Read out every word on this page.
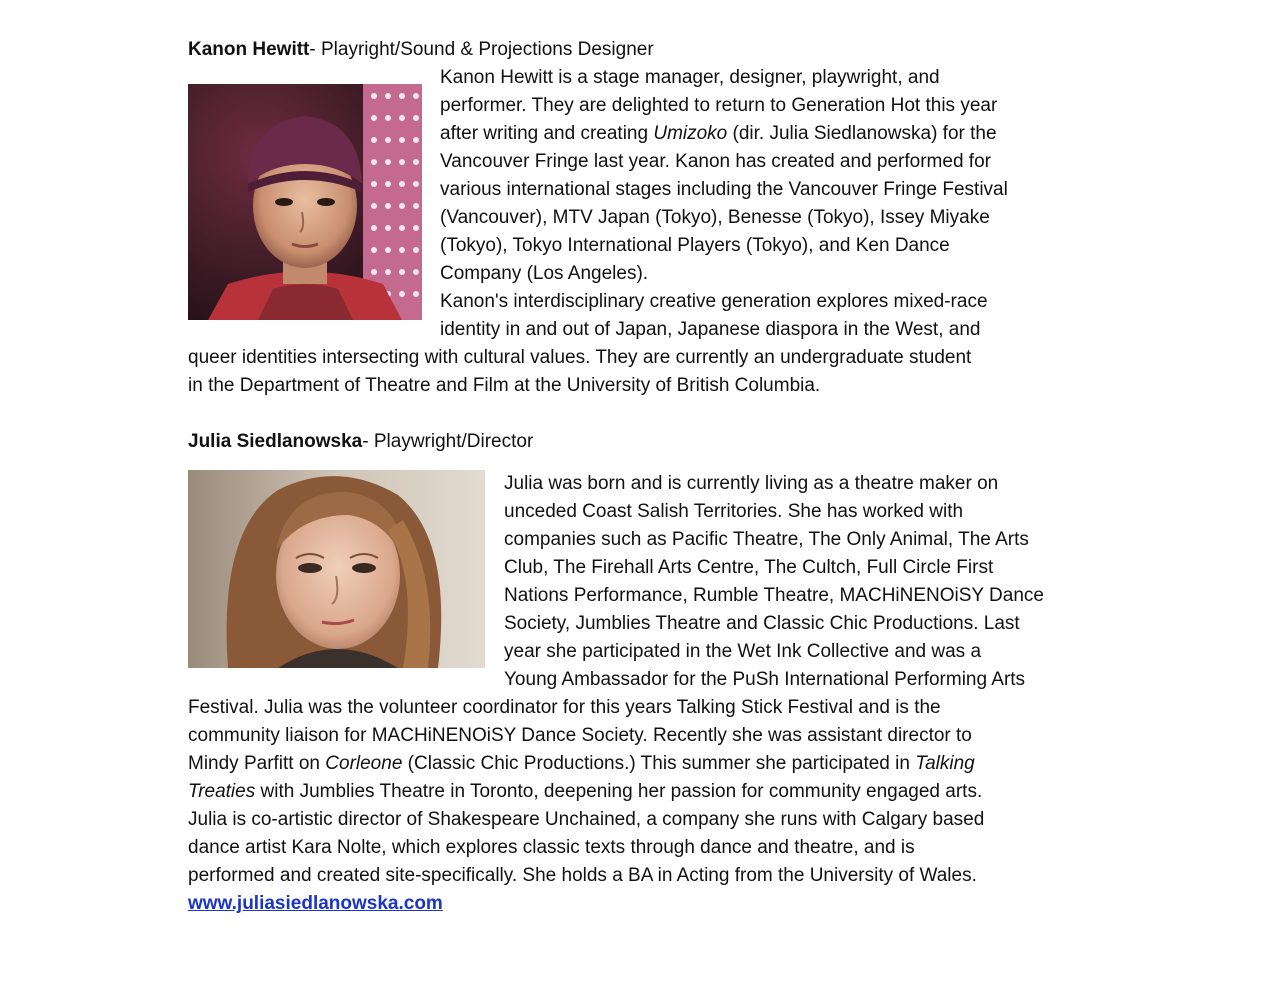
Kanon Hewitt- Playright/Sound & Projections Designer
Kanon Hewitt is a stage manager, designer, playwright, and
performer. They are delighted to return to Generation Hot this year
after writing and creating Umizoko (dir. Julia Siedlanowska) for the
Vancouver Fringe last year. Kanon has created and performed for
various international stages including the Vancouver Fringe Festival
(Vancouver), MTV Japan (Tokyo), Benesse (Tokyo), Issey Miyake
(Tokyo), Tokyo International Players (Tokyo), and Ken Dance
Company (Los Angeles).
Kanon's interdisciplinary creative generation explores mixed-race
identity in and out of Japan, Japanese diaspora in the West, and
queer identities intersecting with cultural values. They are currently an undergraduate student
in the Department of Theatre and Film at the University of British Columbia.
Julia Siedlanowska- Playwright/Director
Julia was born and is currently living as a theatre maker on
unceded Coast Salish Territories. She has worked with
companies such as Pacific Theatre, The Only Animal, The Arts
Club, The Firehall Arts Centre, The Cultch, Full Circle First
Nations Performance, Rumble Theatre, MACHiNENOiSY Dance
Society, Jumblies Theatre and Classic Chic Productions. Last
year she participated in the Wet Ink Collective and was a
Young Ambassador for the PuSh International Performing Arts
Festival. Julia was the volunteer coordinator for this years Talking Stick Festival and is the
community liaison for MACHiNENOiSY Dance Society. Recently she was assistant director to
Mindy Parfitt on Corleone (Classic Chic Productions.) This summer she participated in Talking
Treaties with Jumblies Theatre in Toronto, deepening her passion for community engaged arts.
Julia is co-artistic director of Shakespeare Unchained, a company she runs with Calgary based
dance artist Kara Nolte, which explores classic texts through dance and theatre, and is
performed and created site-specifically. She holds a BA in Acting from the University of Wales.
www.juliasiedlanowska.com
